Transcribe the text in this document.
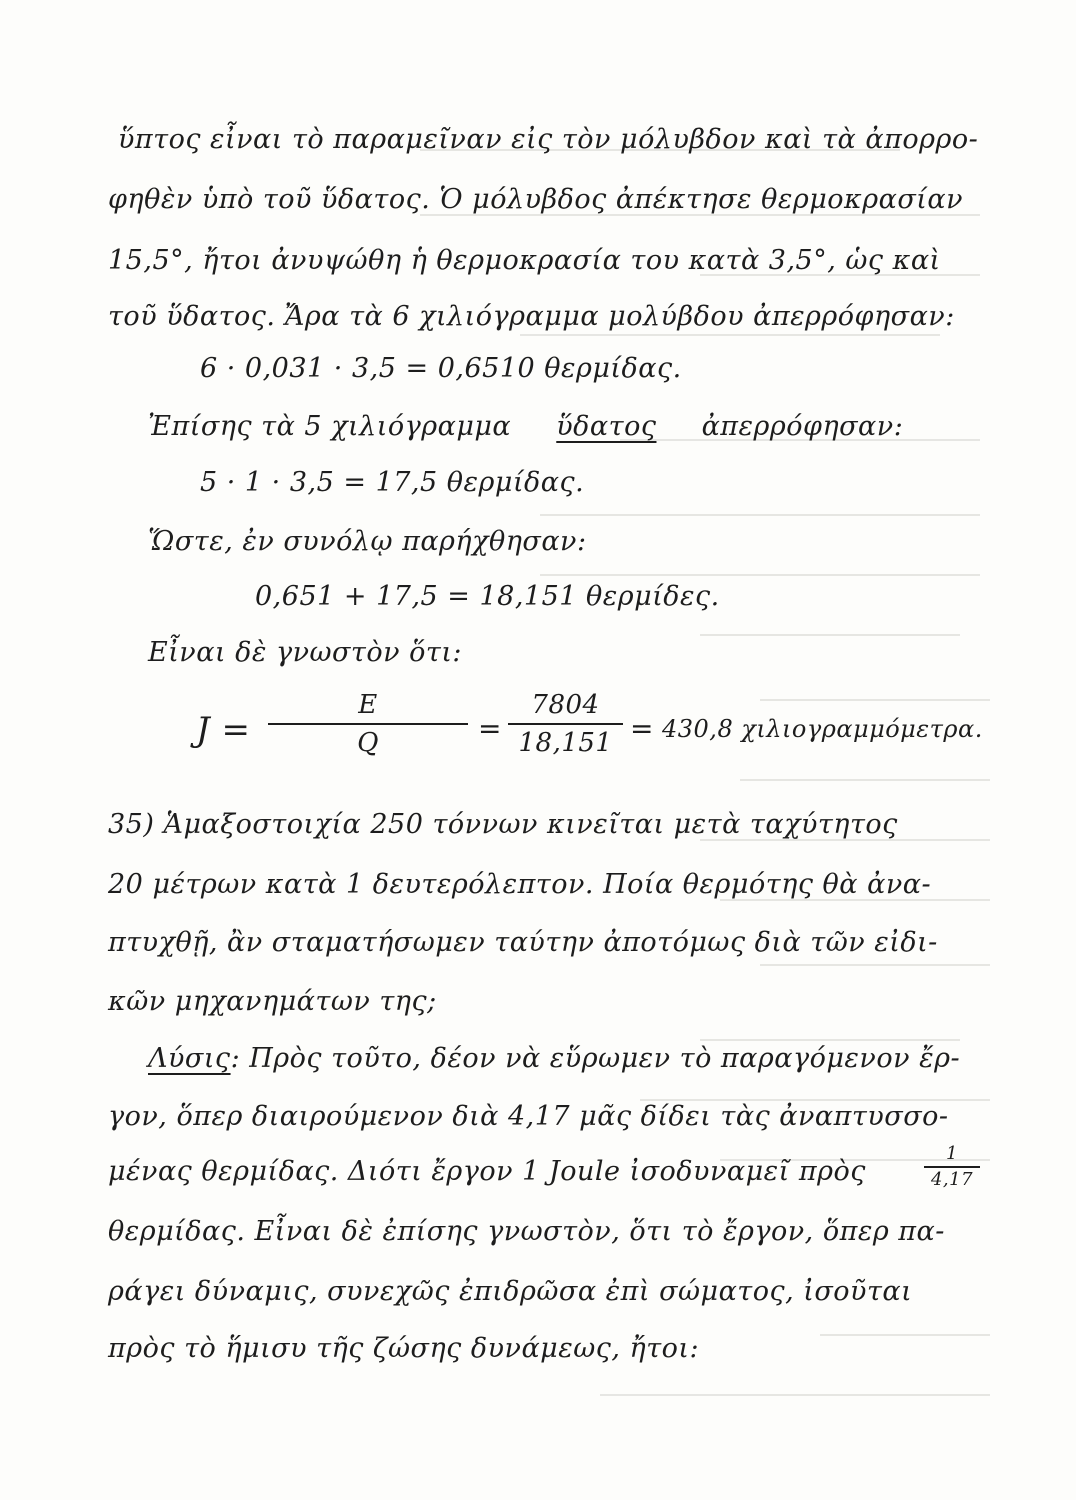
ὕπτος εἶναι τὸ παραμεῖναν εἰς τὸν μόλυβδον καὶ τὰ ἀπορρο-
φηθὲν ὑπὸ τοῦ ὕδατος. Ὁ μόλυβδος ἀπέκτησε θερμοκρασίαν
15,5°, ἤτοι ἀνυψώθη ἡ θερμοκρασία του κατὰ 3,5°, ὡς καὶ
τοῦ ὕδατος. Ἄρα τὰ 6 χιλιόγραμμα μολύβδου ἀπερρόφησαν:
6 · 0,031 · 3,5 = 0,6510 θερμίδας.
Ἐπίσης τὰ 5 χιλιόγραμμα ὕδατος ἀπερρόφησαν:
5 · 1 · 3,5 = 17,5 θερμίδας.
Ὥστε, ἐν συνόλῳ παρήχθησαν:
0,651 + 17,5 = 18,151 θερμίδες.
Εἶναι δὲ γνωστὸν ὅτι:
J =
E
Q	=
7804
18,151 = 430,8 χιλιογραμμόμετρα.
35) Ἁμαξοστοιχία 250 τόννων κινεῖται μετὰ ταχύτητος
20 μέτρων κατὰ 1 δευτερόλεπτον. Ποία θερμότης θὰ ἀνα-
πτυχθῇ, ἂν σταματήσωμεν ταύτην ἀποτόμως διὰ τῶν εἰδι-
κῶν μηχανημάτων της;
Λύσις: Πρὸς τοῦτο, δέον νὰ εὕρωμεν τὸ παραγόμενον ἔρ-
γον, ὅπερ διαιρούμενον διὰ 4,17 μᾶς δίδει τὰς ἀναπτυσσο-
μένας θερμίδας. Διότι ἔργον 1 Joule ἰσοδυναμεῖ πρὸς
1
4,17
θερμίδας. Εἶναι δὲ ἐπίσης γνωστὸν, ὅτι τὸ ἔργον, ὅπερ πα-
ράγει δύναμις, συνεχῶς ἐπιδρῶσα ἐπὶ σώματος, ἰσοῦται
πρὸς τὸ ἥμισυ τῆς ζώσης δυνάμεως, ἤτοι:
